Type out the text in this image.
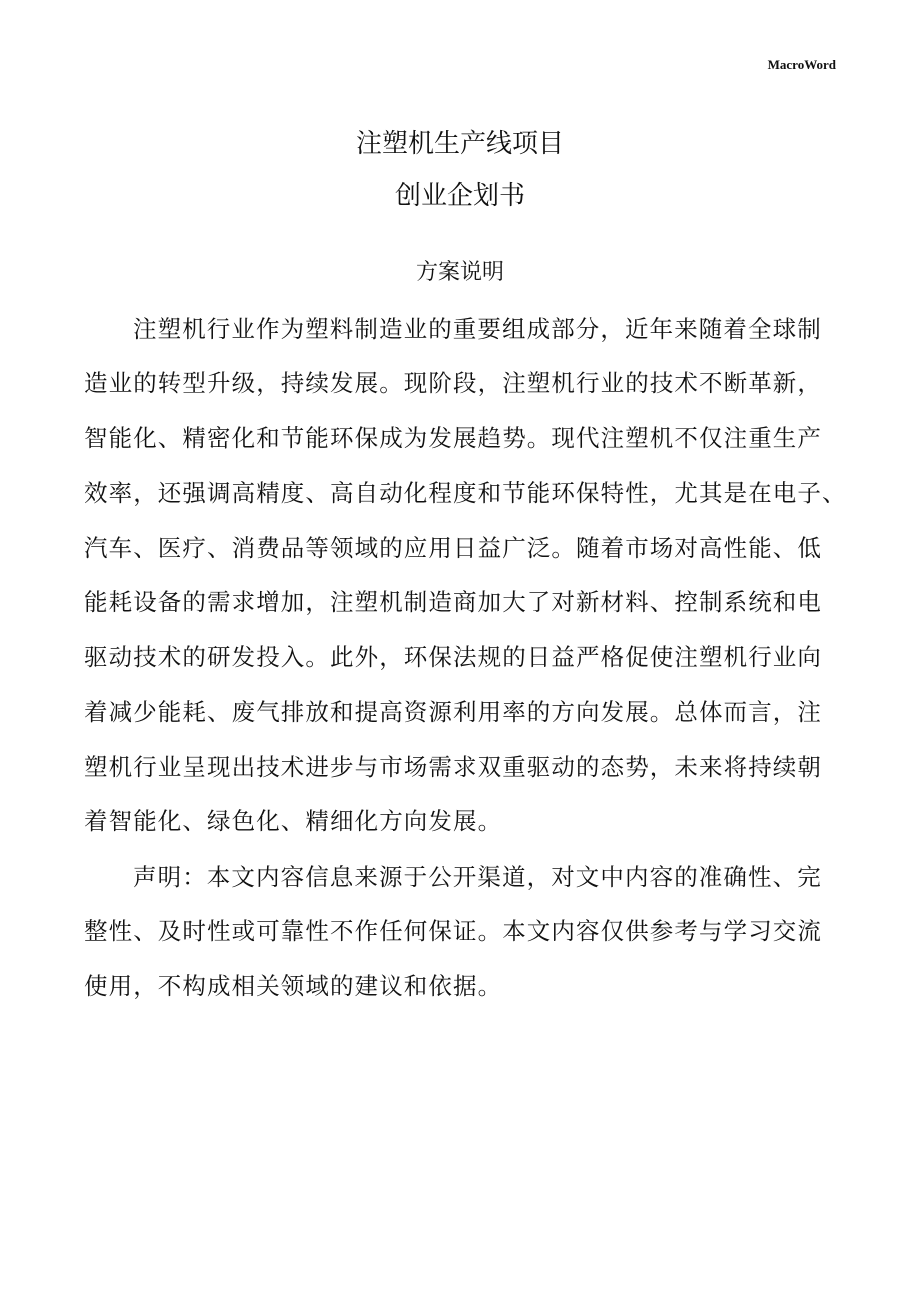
MacroWord
注塑机生产线项目
创业企划书
方案说明
注塑机行业作为塑料制造业的重要组成部分，近年来随着全球制
造业的转型升级，持续发展。现阶段，注塑机行业的技术不断革新，
智能化、精密化和节能环保成为发展趋势。现代注塑机不仅注重生产
效率，还强调高精度、高自动化程度和节能环保特性，尤其是在电子、
汽车、医疗、消费品等领域的应用日益广泛。随着市场对高性能、低
能耗设备的需求增加，注塑机制造商加大了对新材料、控制系统和电
驱动技术的研发投入。此外，环保法规的日益严格促使注塑机行业向
着减少能耗、废气排放和提高资源利用率的方向发展。总体而言，注
塑机行业呈现出技术进步与市场需求双重驱动的态势，未来将持续朝
着智能化、绿色化、精细化方向发展。
声明：本文内容信息来源于公开渠道，对文中内容的准确性、完
整性、及时性或可靠性不作任何保证。本文内容仅供参考与学习交流
使用，不构成相关领域的建议和依据。
